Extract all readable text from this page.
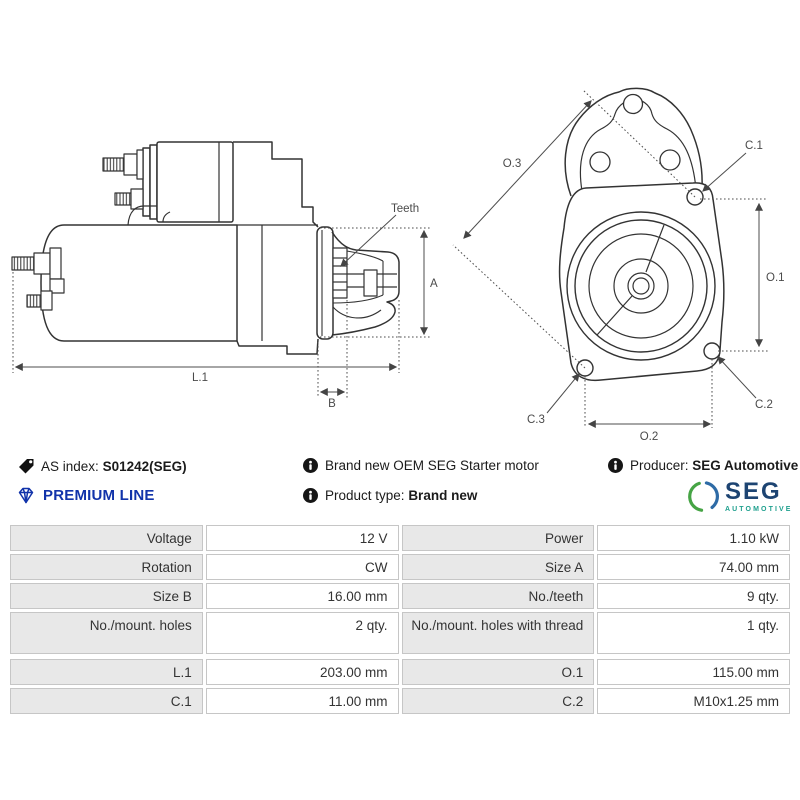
L.1
B
A
Teeth
O.3
C.1
O.1
C.2
C.3
O.2
AS index: S01242(SEG)	Brand new OEM SEG Starter motor	Producer: SEG Automotive
PREMIUM LINE	Product type: Brand new	SEG
AUTOMOTIVE
Voltage	12 V	Power	1.10 kW
Rotation	CW	Size A	74.00 mm
Size B	16.00 mm	No./teeth	9 qty.
No./mount. holes	2 qty.	No./mount. holes with thread	1 qty.
L.1	203.00 mm	O.1	115.00 mm
C.1	11.00 mm	C.2	M10x1.25 mm
